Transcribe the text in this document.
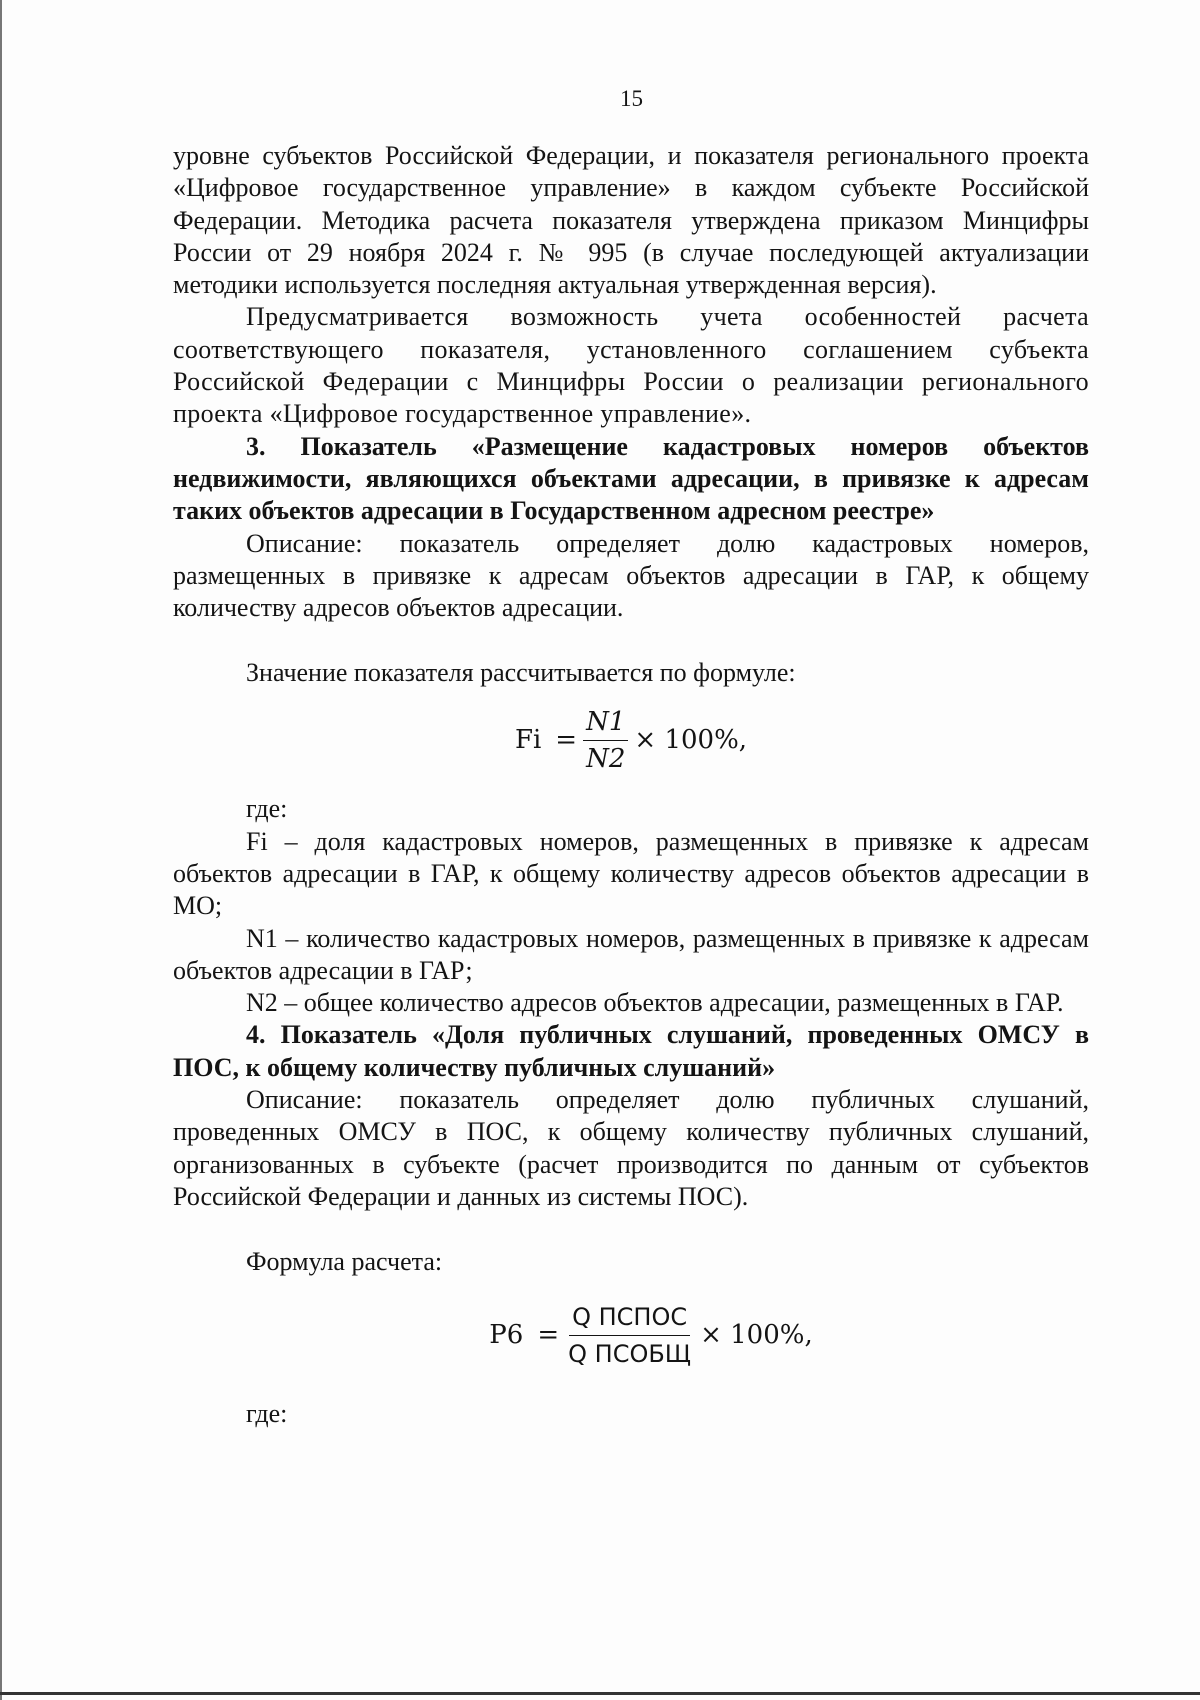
15

уровне субъектов Российской Федерации, и показателя регионального проекта «Цифровое государственное управление» в каждом субъекте Российской Федерации. Методика расчета показателя утверждена приказом Минцифры России от 29 ноября 2024 г. № 995 (в случае последующей актуализации методики используется последняя актуальная утвержденная версия).

Предусматривается возможность учета особенностей расчета соответствующего показателя, установленного соглашением субъекта Российской Федерации с Минцифры России о реализации регионального проекта «Цифровое государственное управление».

3. Показатель «Размещение кадастровых номеров объектов недвижимости, являющихся объектами адресации, в привязке к адресам таких объектов адресации в Государственном адресном реестре»

Описание: показатель определяет долю кадастровых номеров, размещенных в привязке к адресам объектов адресации в ГАР, к общему количеству адресов объектов адресации.

Значение показателя рассчитывается по формуле:

$Fi = \frac{N1}{N2} \times 100\%$,

где:

Fi – доля кадастровых номеров, размещенных в привязке к адресам объектов адресации в ГАР, к общему количеству адресов объектов адресации в МО;

N1 – количество кадастровых номеров, размещенных в привязке к адресам объектов адресации в ГАР;

N2 – общее количество адресов объектов адресации, размещенных в ГАР.

4. Показатель «Доля публичных слушаний, проведенных ОМСУ в ПОС, к общему количеству публичных слушаний»

Описание: показатель определяет долю публичных слушаний, проведенных ОМСУ в ПОС, к общему количеству публичных слушаний, организованных в субъекте (расчет производится по данным от субъектов Российской Федерации и данных из системы ПОС).

Формула расчета:

$Р6 = \frac{\text{Q ПСПОС}}{\text{Q ПСОБЩ}} \times 100\%$,

где:
